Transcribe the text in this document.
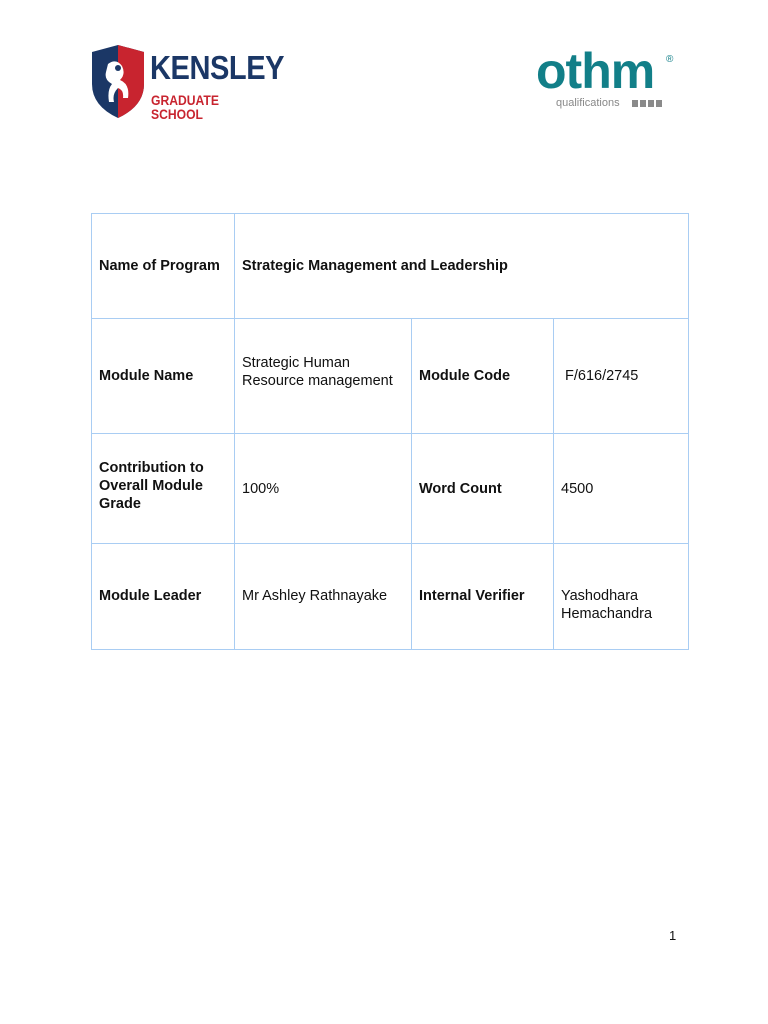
KENSLEY
GRADUATE SCHOOL
othm ®
qualifications
Name of Program	Strategic Management and Leadership		
Module Name	Strategic Human Resource management	Module Code	F/616/2745
Contribution to Overall Module Grade	100%	Word Count	4500
Module Leader	Mr Ashley Rathnayake	Internal Verifier	Yashodhara Hemachandra
1
